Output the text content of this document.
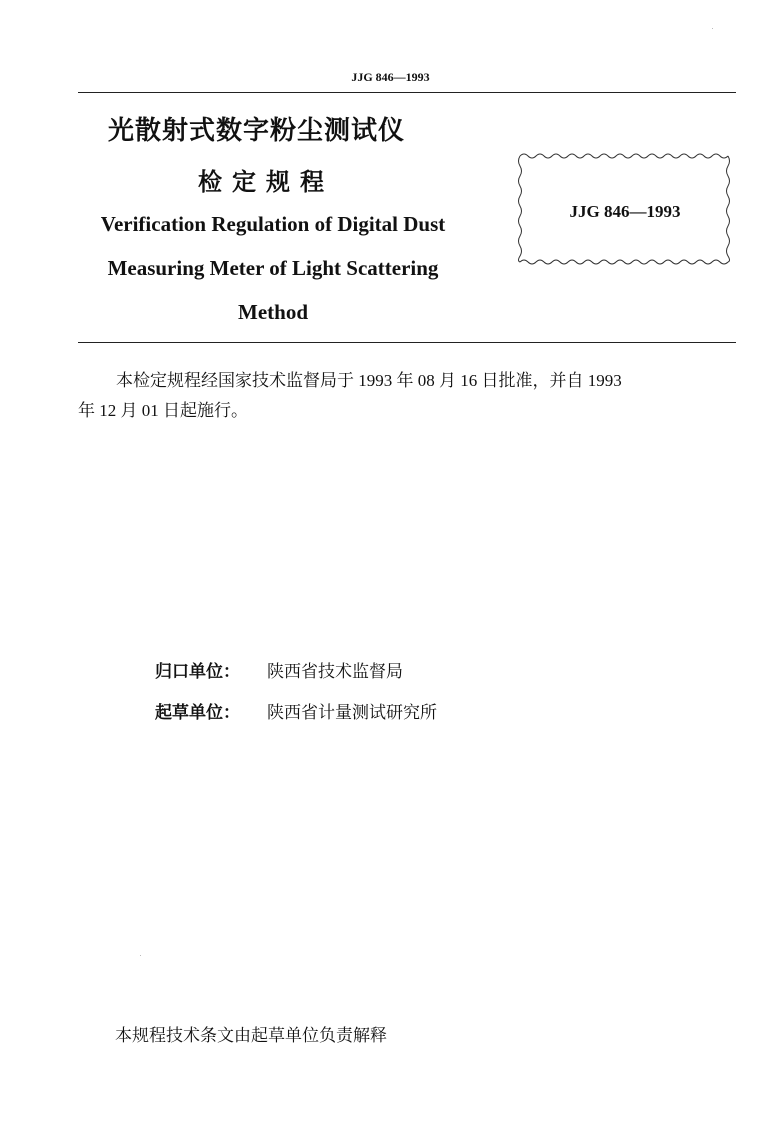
JJG 846—1993
光散射式数字粉尘测试仪
检定规程
Verification Regulation of Digital Dust
Measuring Meter of Light Scattering
Method
JJG 846—1993
本检定规程经国家技术监督局于 1993 年 08 月 16 日批准，并自 1993
年 12 月 01 日起施行。
归口单位： 陕西省技术监督局
起草单位： 陕西省计量测试研究所
本规程技术条文由起草单位负责解释
